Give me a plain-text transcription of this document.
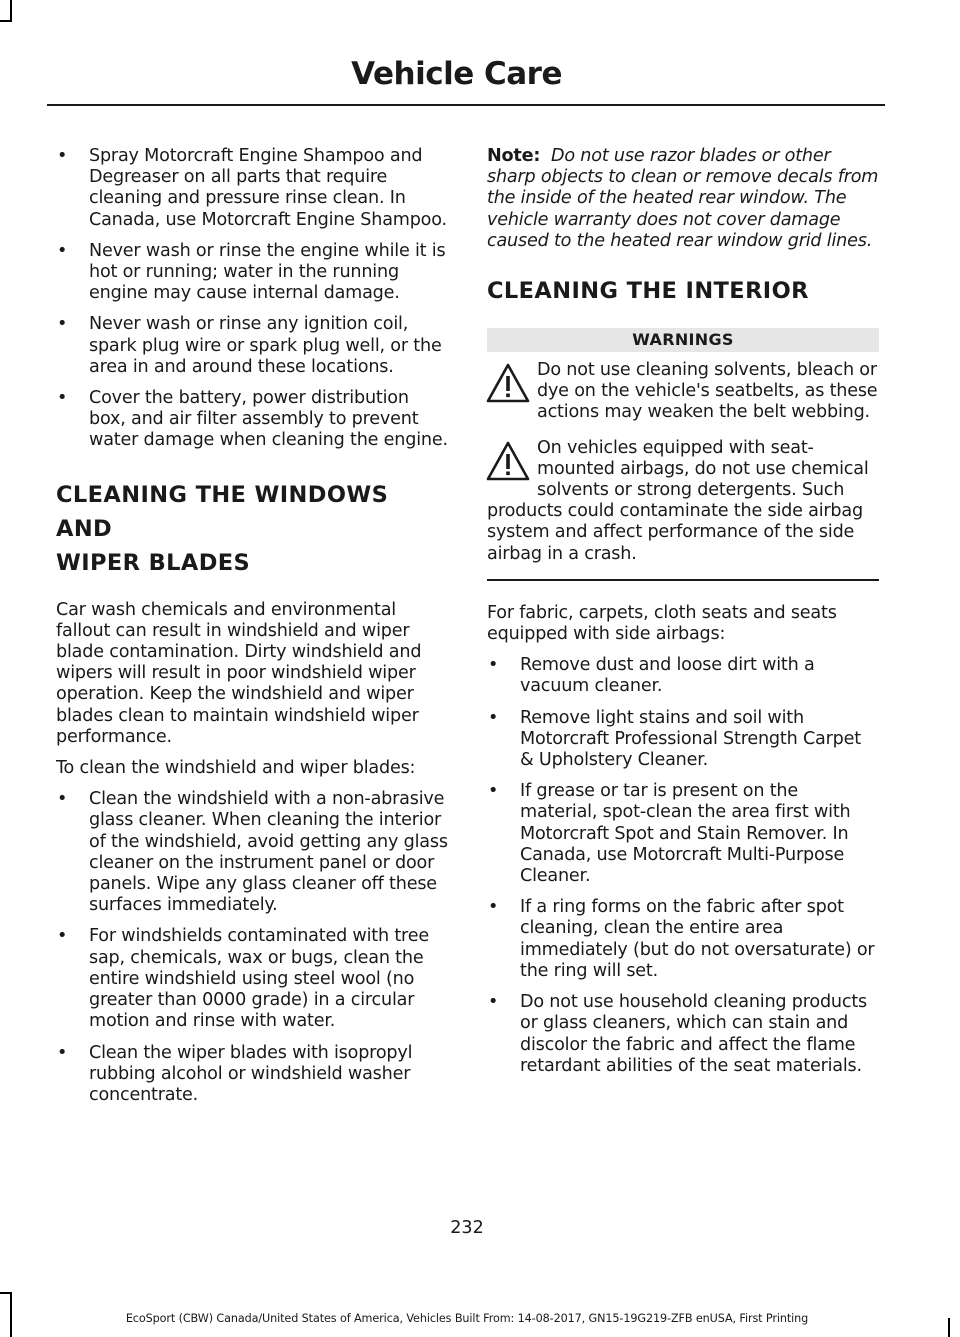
Vehicle Care
• Spray Motorcraft Engine Shampoo and Degreaser on all parts that require cleaning and pressure rinse clean. In Canada, use Motorcraft Engine Shampoo.
• Never wash or rinse the engine while it is hot or running; water in the running engine may cause internal damage.
• Never wash or rinse any ignition coil, spark plug wire or spark plug well, or the area in and around these locations.
• Cover the battery, power distribution box, and air filter assembly to prevent water damage when cleaning the engine.
CLEANING THE WINDOWS AND
WIPER BLADES

Car wash chemicals and environmental fallout can result in windshield and wiper blade contamination. Dirty windshield and wipers will result in poor windshield wiper operation. Keep the windshield and wiper blades clean to maintain windshield wiper performance.

To clean the windshield and wiper blades:

• Clean the windshield with a non-abrasive glass cleaner. When cleaning the interior of the windshield, avoid getting any glass cleaner on the instrument panel or door panels. Wipe any glass cleaner off these surfaces immediately.
• For windshields contaminated with tree sap, chemicals, wax or bugs, clean the entire windshield using steel wool (no greater than 0000 grade) in a circular motion and rinse with water.
• Clean the wiper blades with isopropyl rubbing alcohol or windshield washer concentrate.

Note: Do not use razor blades or other sharp objects to clean or remove decals from the inside of the heated rear window. The vehicle warranty does not cover damage caused to the heated rear window grid lines.

CLEANING THE INTERIOR
WARNINGS
Do not use cleaning solvents, bleach or dye on the vehicle's seatbelts, as these actions may weaken the belt webbing.
On vehicles equipped with seat-mounted airbags, do not use chemical solvents or strong detergents. Such products could contaminate the side airbag system and affect performance of the side airbag in a crash.

For fabric, carpets, cloth seats and seats equipped with side airbags:

• Remove dust and loose dirt with a vacuum cleaner.
• Remove light stains and soil with Motorcraft Professional Strength Carpet & Upholstery Cleaner.
• If grease or tar is present on the material, spot-clean the area first with Motorcraft Spot and Stain Remover. In Canada, use Motorcraft Multi-Purpose Cleaner.
• If a ring forms on the fabric after spot cleaning, clean the entire area immediately (but do not oversaturate) or the ring will set.
• Do not use household cleaning products or glass cleaners, which can stain and discolor the fabric and affect the flame retardant abilities of the seat materials.
232
EcoSport (CBW) Canada/United States of America, Vehicles Built From: 14-08-2017, GN15-19G219-ZFB enUSA, First Printing
